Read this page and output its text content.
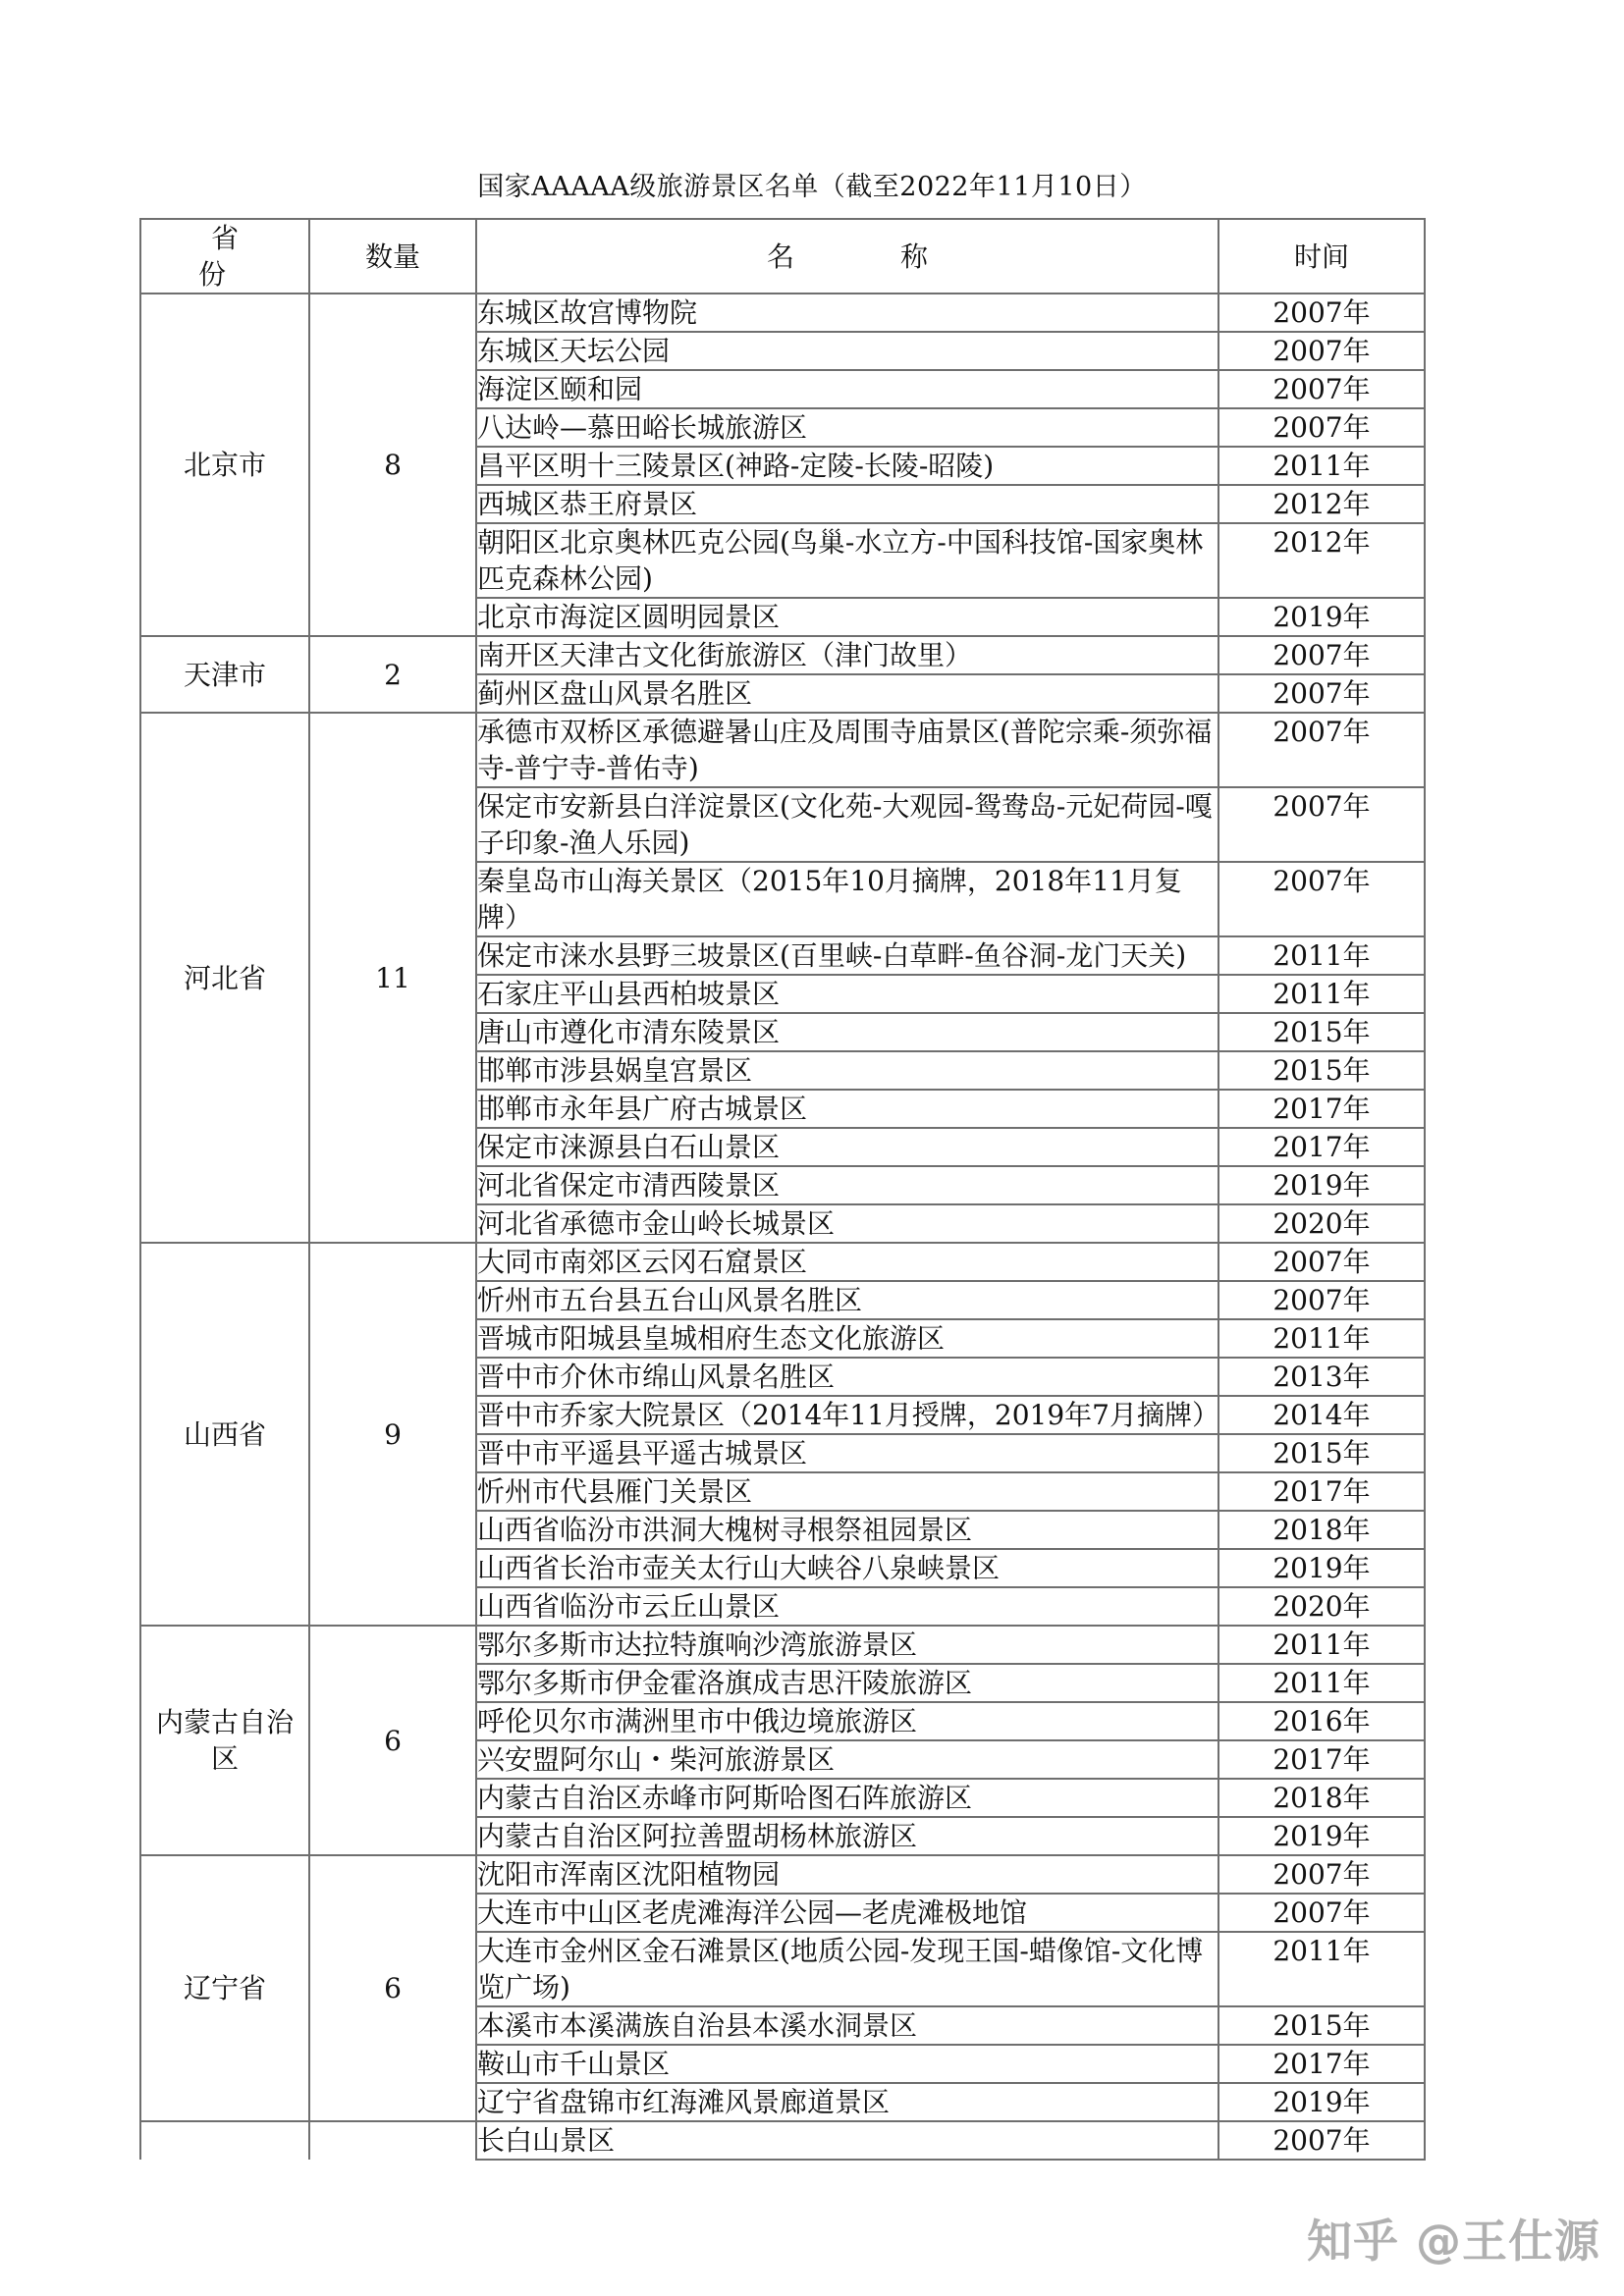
国家AAAAA级旅游景区名单（截至2022年11月10日）
省　份	数量	名　称	时间
北京市	8	东城区故宫博物院	2007年
		东城区天坛公园	2007年
		海淀区颐和园	2007年
		八达岭—慕田峪长城旅游区	2007年
		昌平区明十三陵景区(神路-定陵-长陵-昭陵)	2011年
		西城区恭王府景区	2012年
		朝阳区北京奥林匹克公园(鸟巢-水立方-中国科技馆-国家奥林匹克森林公园)	2012年
		北京市海淀区圆明园景区	2019年
天津市	2	南开区天津古文化街旅游区（津门故里）	2007年
		蓟州区盘山风景名胜区	2007年
河北省	11	承德市双桥区承德避暑山庄及周围寺庙景区(普陀宗乘-须弥福寺-普宁寺-普佑寺)	2007年
		保定市安新县白洋淀景区(文化苑-大观园-鸳鸯岛-元妃荷园-嘎子印象-渔人乐园)	2007年
		秦皇岛市山海关景区（2015年10月摘牌，2018年11月复牌）	2007年
		保定市涞水县野三坡景区(百里峡-白草畔-鱼谷洞-龙门天关)	2011年
		石家庄平山县西柏坡景区	2011年
		唐山市遵化市清东陵景区	2015年
		邯郸市涉县娲皇宫景区	2015年
		邯郸市永年县广府古城景区	2017年
		保定市涞源县白石山景区	2017年
		河北省保定市清西陵景区	2019年
		河北省承德市金山岭长城景区	2020年
山西省	9	大同市南郊区云冈石窟景区	2007年
		忻州市五台县五台山风景名胜区	2007年
		晋城市阳城县皇城相府生态文化旅游区	2011年
		晋中市介休市绵山风景名胜区	2013年
		晋中市乔家大院景区（2014年11月授牌，2019年7月摘牌）	2014年
		晋中市平遥县平遥古城景区	2015年
		忻州市代县雁门关景区	2017年
		山西省临汾市洪洞大槐树寻根祭祖园景区	2018年
		山西省长治市壶关太行山大峡谷八泉峡景区	2019年
		山西省临汾市云丘山景区	2020年
内蒙古自治区	6	鄂尔多斯市达拉特旗响沙湾旅游景区	2011年
		鄂尔多斯市伊金霍洛旗成吉思汗陵旅游区	2011年
		呼伦贝尔市满洲里市中俄边境旅游区	2016年
		兴安盟阿尔山・柴河旅游景区	2017年
		内蒙古自治区赤峰市阿斯哈图石阵旅游区	2018年
		内蒙古自治区阿拉善盟胡杨林旅游区	2019年
辽宁省	6	沈阳市浑南区沈阳植物园	2007年
		大连市中山区老虎滩海洋公园—老虎滩极地馆	2007年
		大连市金州区金石滩景区(地质公园-发现王国-蜡像馆-文化博览广场)	2011年
		本溪市本溪满族自治县本溪水洞景区	2015年
		鞍山市千山景区	2017年
		辽宁省盘锦市红海滩风景廊道景区	2019年
		长白山景区	2007年
知乎 @王仕源
